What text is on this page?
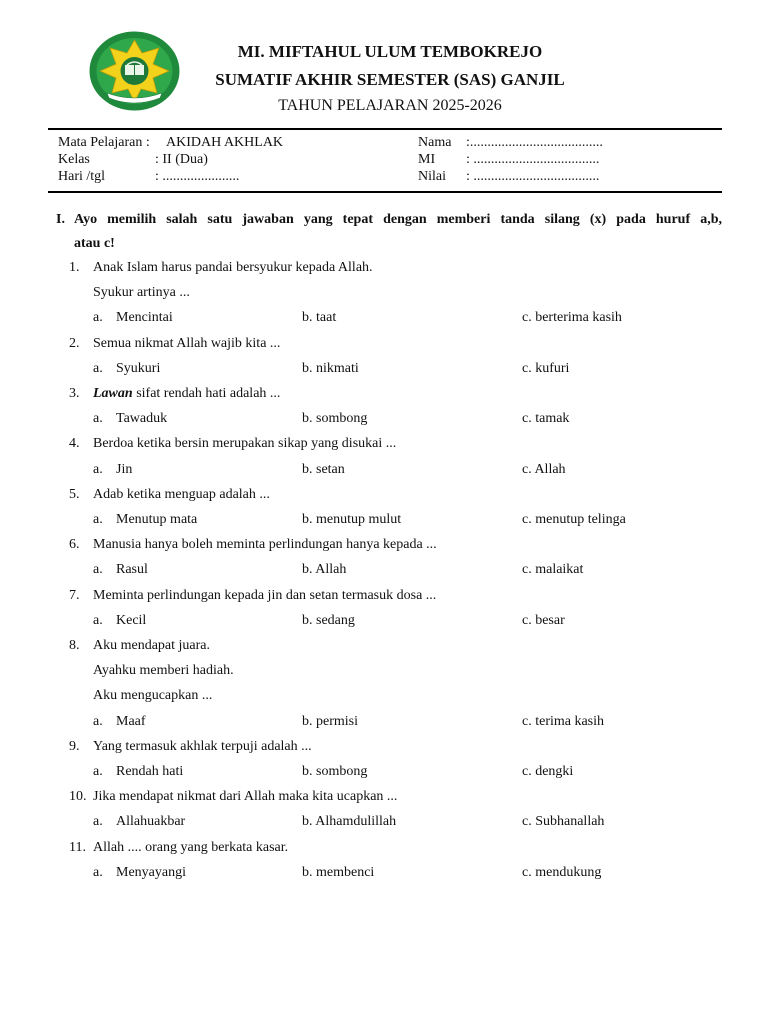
MI. MIFTAHUL ULUM TEMBOKREJO
SUMATIF AKHIR SEMESTER (SAS) GANJIL
TAHUN PELAJARAN 2025-2026
Mata Pelajaran : AKIDAH AKHLAK
Kelas	: II (Dua)
Hari /tgl	: ......................
Nama :......................................
MI : ....................................
Nilai : ....................................
I. Ayo memilih salah satu jawaban yang tepat dengan memberi tanda silang (x) pada huruf a,b,
atau c!
1. Anak Islam harus pandai bersyukur kepada Allah.
Syukur artinya ...
a. Mencintai	b. taat	c. berterima kasih
2. Semua nikmat Allah wajib kita ...
a. Syukuri	b. nikmati	c. kufuri
3. Lawan sifat rendah hati adalah ...
a. Tawaduk	b. sombong	c. tamak
4. Berdoa ketika bersin merupakan sikap yang disukai ...
a. Jin	b. setan	c. Allah
5. Adab ketika menguap adalah ...
a. Menutup mata	b. menutup mulut	c. menutup telinga
6. Manusia hanya boleh meminta perlindungan hanya kepada ...
a. Rasul	b. Allah	c. malaikat
7. Meminta perlindungan kepada jin dan setan termasuk dosa ...
a. Kecil	b. sedang	c. besar
8. Aku mendapat juara.
Ayahku memberi hadiah.
Aku mengucapkan ...
a. Maaf	b. permisi	c. terima kasih
9. Yang termasuk akhlak terpuji adalah ...
a. Rendah hati	b. sombong	c. dengki
10. Jika mendapat nikmat dari Allah maka kita ucapkan ...
a. Allahuakbar	b. Alhamdulillah	c. Subhanallah
11. Allah .... orang yang berkata kasar.
a. Menyayangi	b. membenci	c. mendukung
